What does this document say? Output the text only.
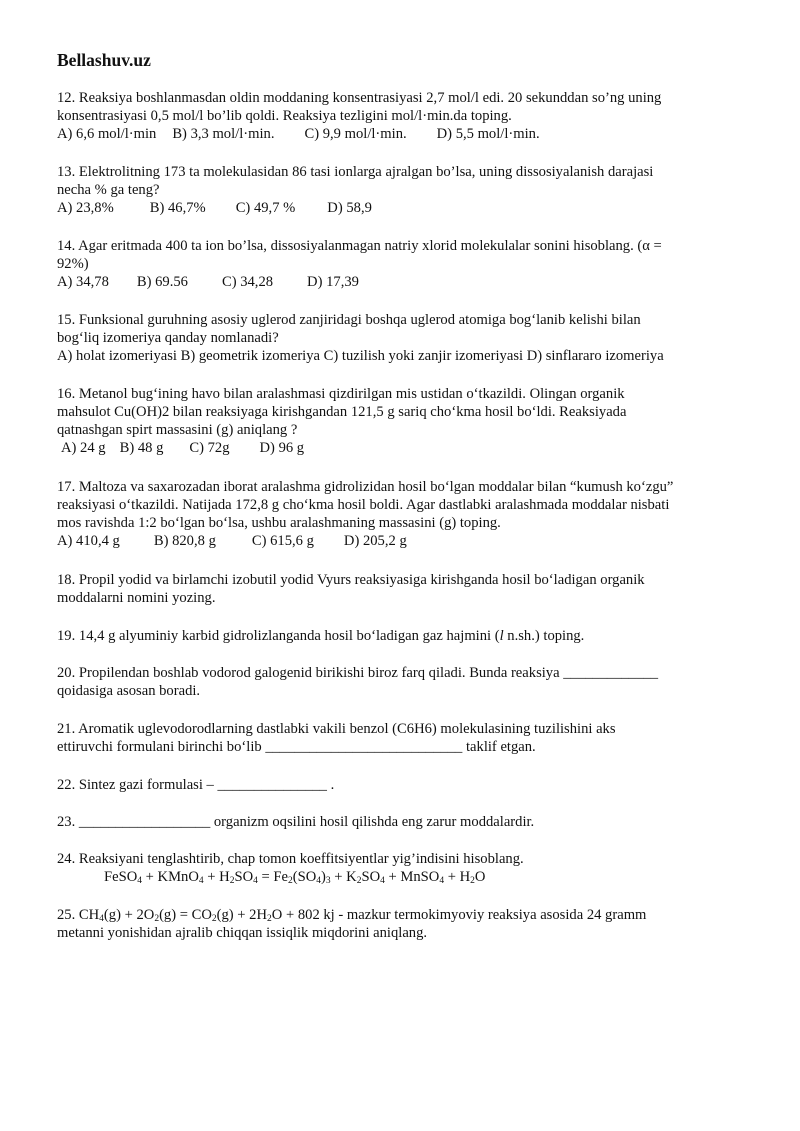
Bellashuv.uz
12. Reaksiya boshlanmasdan oldin moddaning konsentrasiyasi 2,7 mol/l edi. 20 sekunddan so’ng uning
konsentrasiyasi 0,5 mol/l bo’lib qoldi. Reaksiya tezligini mol/l·min.da toping.
A) 6,6 mol/l·min B) 3,3 mol/l·min. C) 9,9 mol/l·min. D) 5,5 mol/l·min.
13. Elektrolitning 173 ta molekulasidan 86 tasi ionlarga ajralgan bo’lsa, uning dissosiyalanish darajasi
necha % ga teng?
A) 23,8% B) 46,7% C) 49,7 % D) 58,9
14. Agar eritmada 400 ta ion bo’lsa, dissosiyalanmagan natriy xlorid molekulalar sonini hisoblang. (α =
92%)
A) 34,78 B) 69.56 C) 34,28 D) 17,39
15. Funksional guruhning asosiy uglerod zanjiridagi boshqa uglerod atomiga bog‘lanib kelishi bilan
bog‘liq izomeriya qanday nomlanadi?
A) holat izomeriyasi B) geometrik izomeriya C) tuzilish yoki zanjir izomeriyasi D) sinflararo izomeriya
16. Metanol bug‘ining havo bilan aralashmasi qizdirilgan mis ustidan o‘tkazildi. Olingan organik
mahsulot Cu(OH)2 bilan reaksiyaga kirishgandan 121,5 g sariq cho‘kma hosil bo‘ldi. Reaksiyada
qatnashgan spirt massasini (g) aniqlang ?
A) 24 g B) 48 g C) 72g D) 96 g
17. Maltoza va saxarozadan iborat aralashma gidrolizidan hosil bo‘lgan moddalar bilan “kumush ko‘zgu”
reaksiyasi o‘tkazildi. Natijada 172,8 g cho‘kma hosil boldi. Agar dastlabki aralashmada moddalar nisbati
mos ravishda 1:2 bo‘lgan bo‘lsa, ushbu aralashmaning massasini (g) toping.
A) 410,4 g B) 820,8 g C) 615,6 g D) 205,2 g
18. Propil yodid va birlamchi izobutil yodid Vyurs reaksiyasiga kirishganda hosil bo‘ladigan organik
moddalarni nomini yozing.
19. 14,4 g alyuminiy karbid gidrolizlanganda hosil bo‘ladigan gaz hajmini (l n.sh.) toping.
20. Propilendan boshlab vodorod galogenid birikishi biroz farq qiladi. Bunda reaksiya _____________
qoidasiga asosan boradi.
21. Aromatik uglevodorodlarning dastlabki vakili benzol (C6H6) molekulasining tuzilishini aks
ettiruvchi formulani birinchi bo‘lib ___________________________ taklif etgan.
22. Sintez gazi formulasi – _______________ .
23. __________________ organizm oqsilini hosil qilishda eng zarur moddalardir.
24. Reaksiyani tenglashtirib, chap tomon koeffitsiyentlar yig’indisini hisoblang.
FeSO$_4$ + KMnO$_4$ + $H_2SO_4 = Fe_2(SO_4)_3 + K_2SO_4$ + MnSO$_4$ + $H_2O$
25. $CH_4(g) + 2O_2(g) = CO_2(g) + 2H_2O + 802$ kj - mazkur termokimyoviy reaksiya asosida 24 gramm
metanni yonishidan ajralib chiqqan issiqlik miqdorini aniqlang.
